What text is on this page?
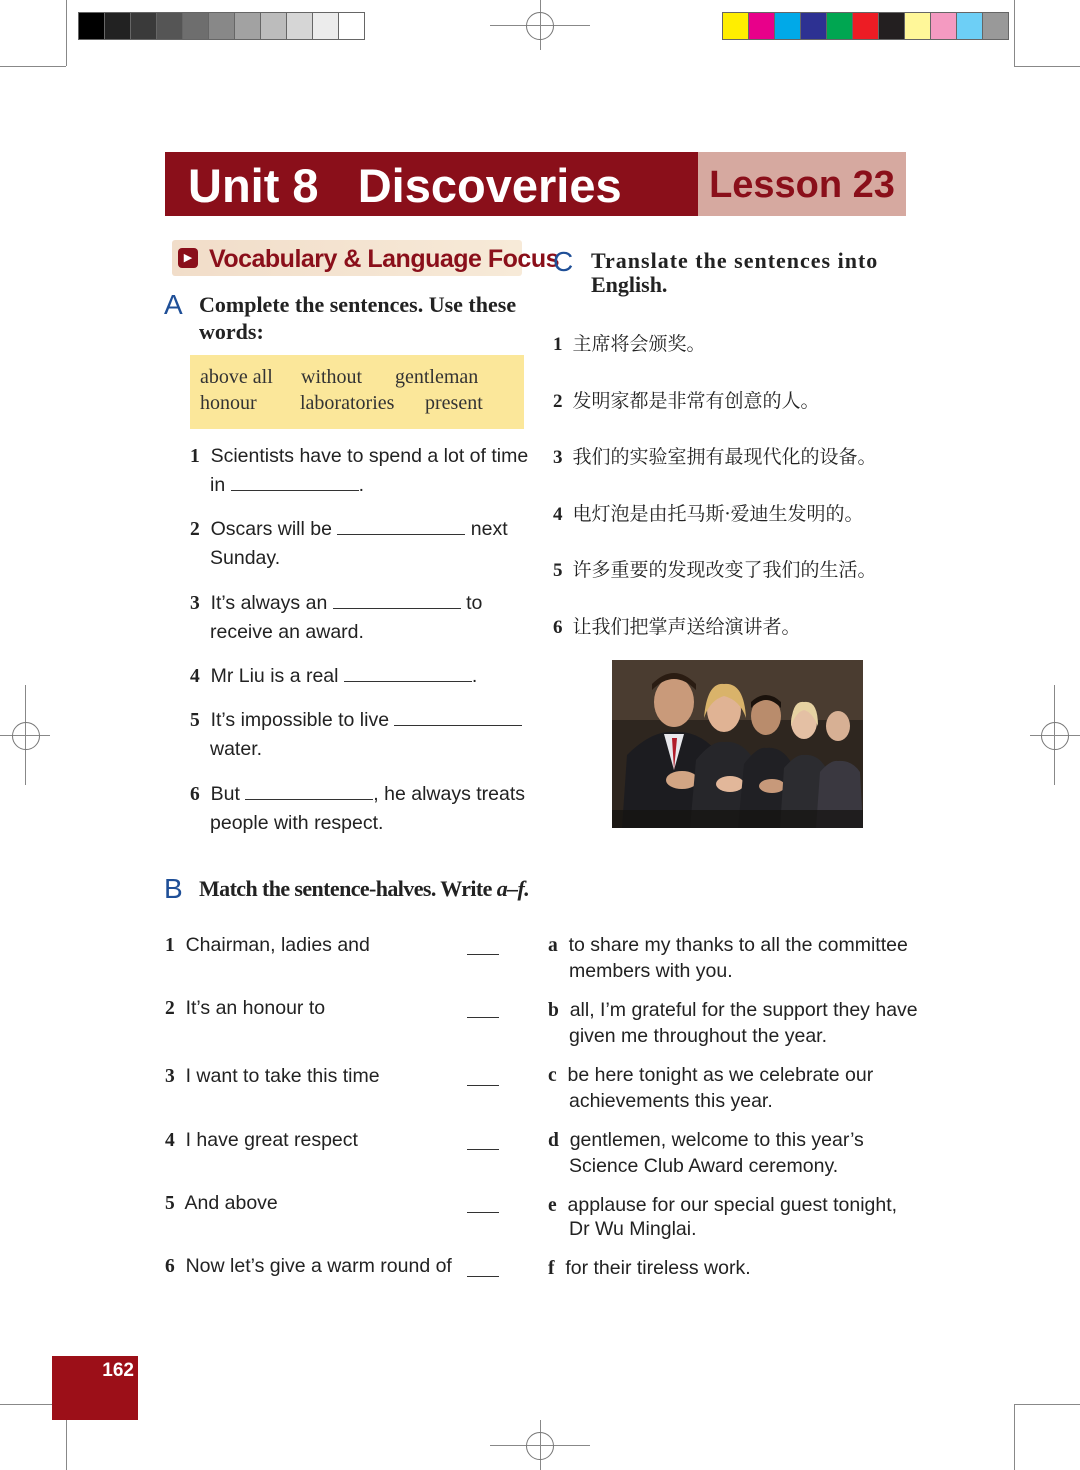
Unit 8   Discoveries Lesson 23
▶ Vocabulary & Language Focus
A Complete the sentences. Use these
words:
above all without gentleman
honour laboratories present
1 Scientists have to spend a lot of time
in	.
2 Oscars will be	next
Sunday.
3 It’s always an	to
receive an award.
4 Mr Liu is a real	.
5 It’s impossible to live
water.
6 But	, he always treats
people with respect.
C Translate the sentences into
English.
1 主席将会颁奖。
2 发明家都是非常有创意的人。
3 我们的实验室拥有最现代化的设备。
4 电灯泡是由托马斯·爱迪生发明的。
5 许多重要的发现改变了我们的生活。
6 让我们把掌声送给演讲者。
B Match the sentence-halves. Write a–f.
1 Chairman, ladies and
2 It’s an honour to
3 I want to take this time
4 I have great respect
5 And above
6 Now let’s give a warm round of
a to share my thanks to all the committee
members with you.
b all, I’m grateful for the support they have
given me throughout the year.
c be here tonight as we celebrate our
achievements this year.
d gentlemen, welcome to this year’s
Science Club Award ceremony.
e applause for our special guest tonight,
Dr Wu Minglai.
f for their tireless work.
162
